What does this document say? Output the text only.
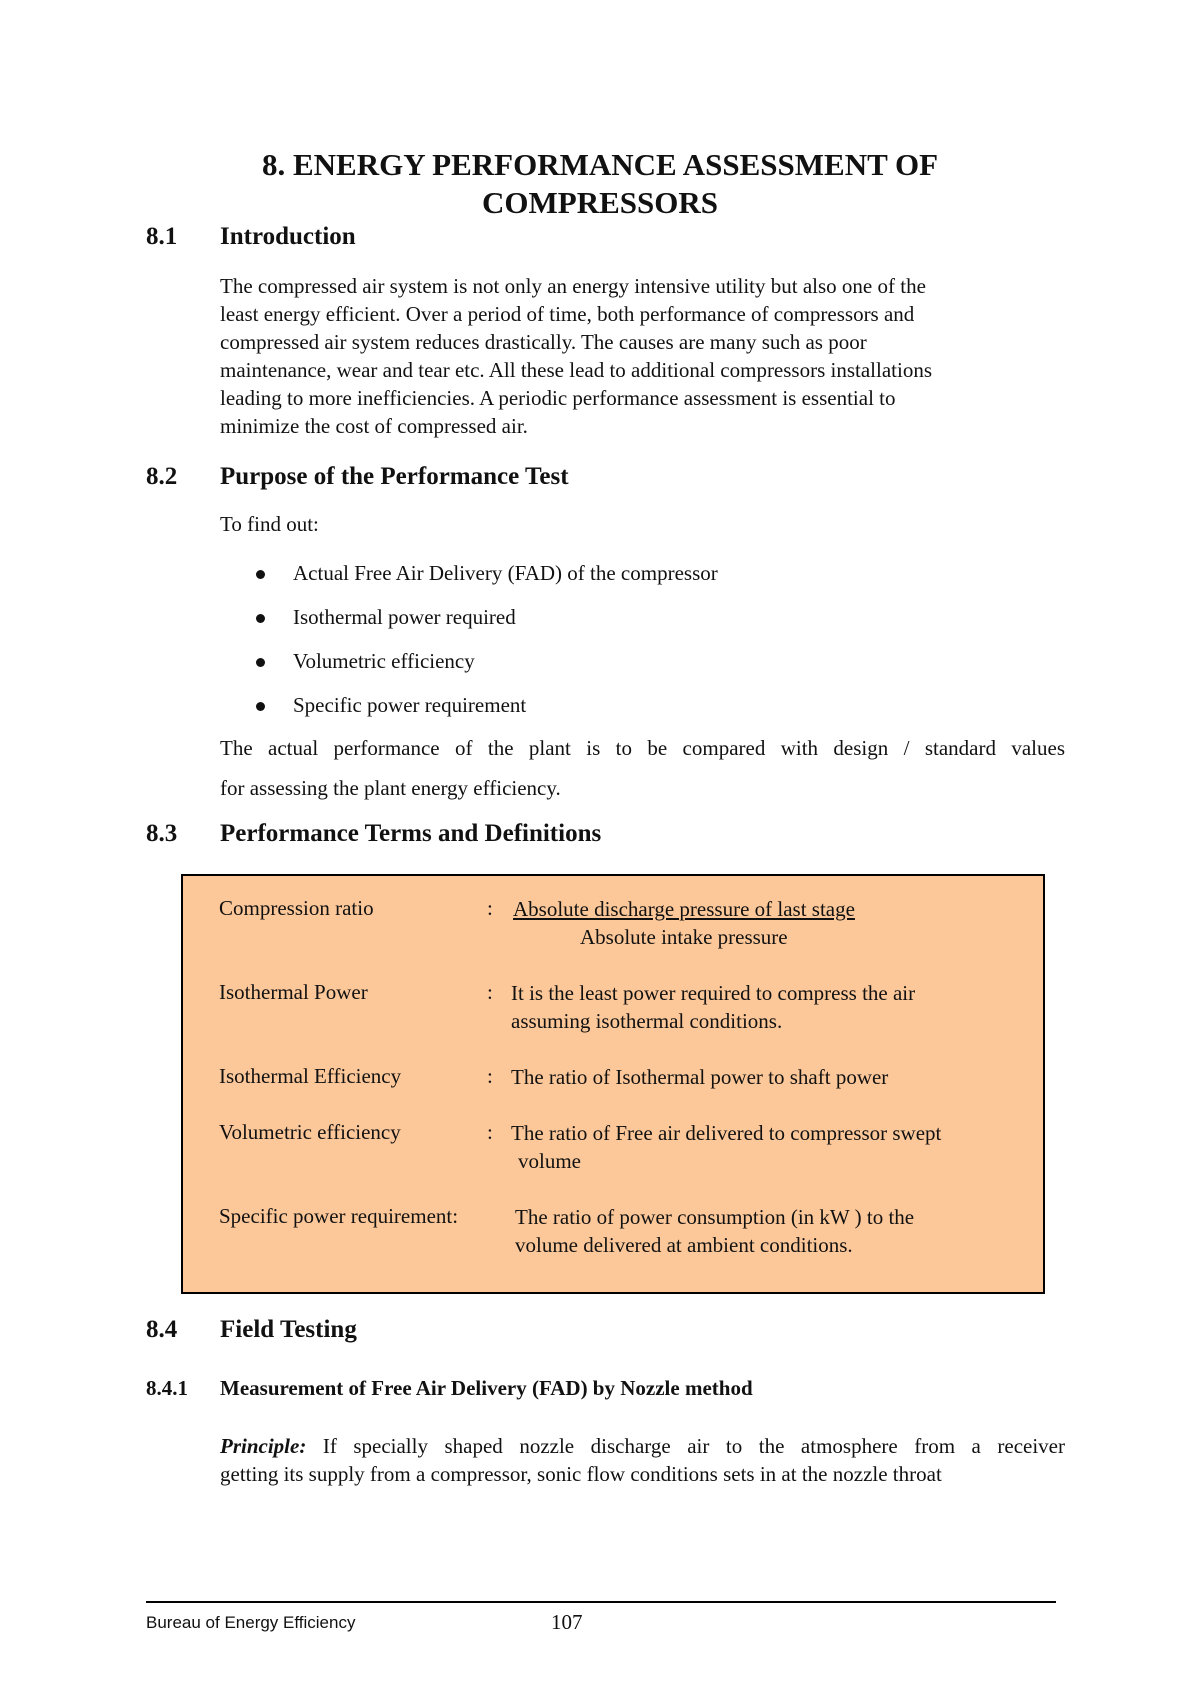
8. ENERGY PERFORMANCE ASSESSMENT OF
COMPRESSORS
8.1 Introduction
The compressed air system is not only an energy intensive utility but also one of the
least energy efficient. Over a period of time, both performance of compressors and
compressed air system reduces drastically. The causes are many such as poor
maintenance, wear and tear etc. All these lead to additional compressors installations
leading to more inefficiencies. A periodic performance assessment is essential to
minimize the cost of compressed air.
8.2 Purpose of the Performance Test
To find out:
Actual Free Air Delivery (FAD) of the compressor
Isothermal power required
Volumetric efficiency
Specific power requirement
The actual performance of the plant is to be compared with design / standard values
for assessing the plant energy efficiency.
8.3 Performance Terms and Definitions
Compression ratio	: Absolute discharge pressure of last stage
Absolute intake pressure
Isothermal Power	: It is the least power required to compress the air
assuming isothermal conditions.
Isothermal Efficiency	: The ratio of Isothermal power to shaft power
Volumetric efficiency	: The ratio of Free air delivered to compressor swept
volume
Specific power requirement:	The ratio of power consumption (in kW ) to the
volume delivered at ambient conditions.
8.4 Field Testing
8.4.1 Measurement of Free Air Delivery (FAD) by Nozzle method
Principle: If specially shaped nozzle discharge air to the atmosphere from a receiver
getting its supply from a compressor, sonic flow conditions sets in at the nozzle throat
Bureau of Energy Efficiency	107
